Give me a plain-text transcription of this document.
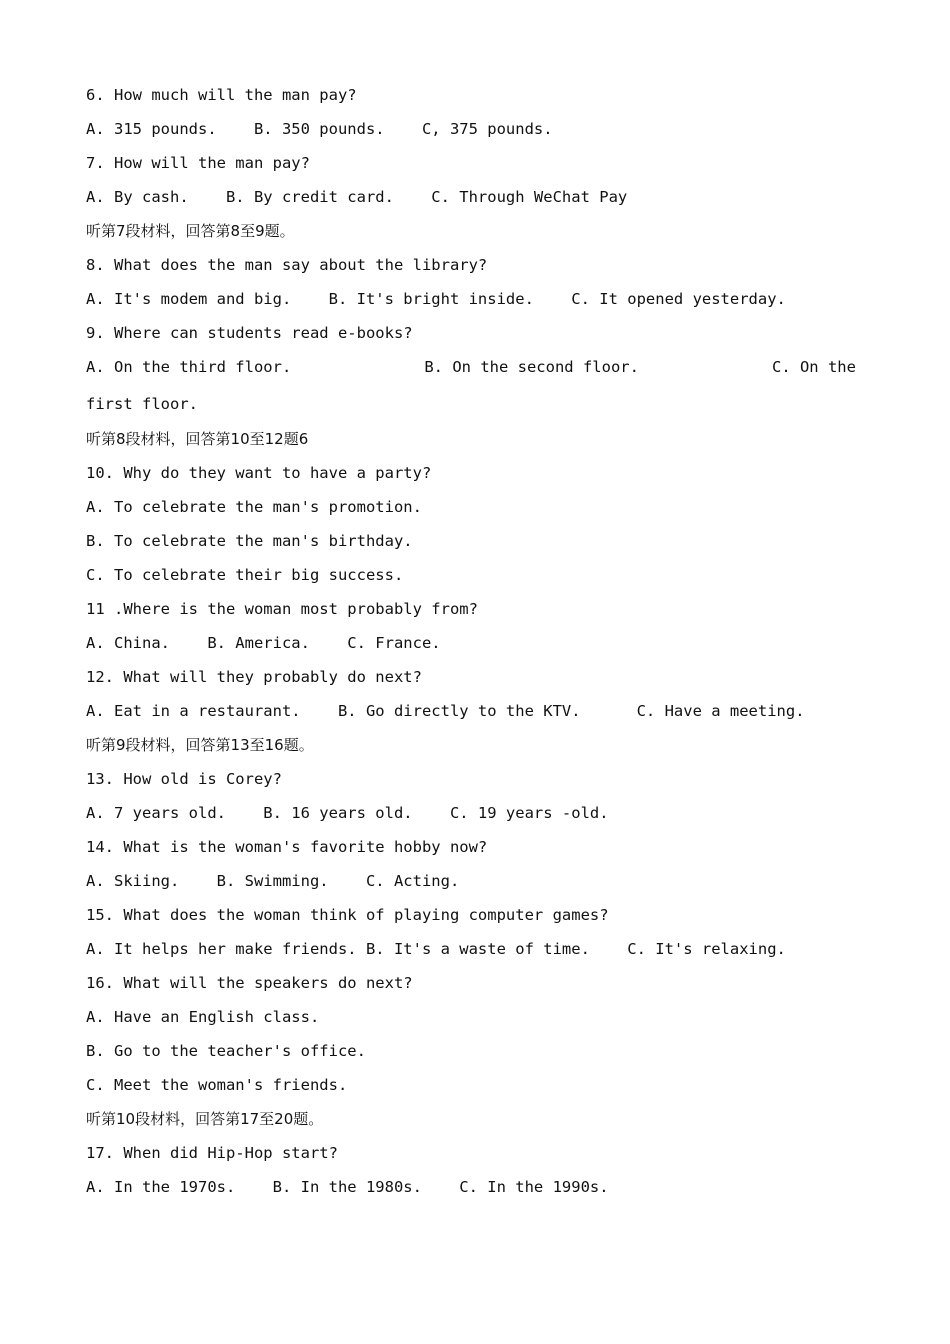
6. How much will the man pay?
A. 315 pounds.    B. 350 pounds.    C, 375 pounds.
7. How will the man pay?
A. By cash.    B. By credit card.    C. Through WeChat Pay
听第7段材料，回答第8至9题。
8. What does the man say about the library?
A. It's modem and big.    B. It's bright inside.    C. It opened yesterday.
9. Where can students read e-books?
A. On the third floor.	B. On the second floor.	C. On the
first floor.
听第8段材料，回答第10至12题6
10. Why do they want to have a party?
A. To celebrate the man's promotion.
B. To celebrate the man's birthday.
C. To celebrate their big success.
11 .Where is the woman most probably from?
A. China.    B. America.    C. France.
12. What will they probably do next?
A. Eat in a restaurant.    B. Go directly to the KTV.      C. Have a meeting.
听第9段材料，回答第13至16题。
13. How old is Corey?
A. 7 years old.    B. 16 years old.    C. 19 years -old.
14. What is the woman's favorite hobby now?
A. Skiing.    B. Swimming.    C. Acting.
15. What does the woman think of playing computer games?
A. It helps her make friends. B. It's a waste of time.    C. It's relaxing.
16. What will the speakers do next?
A. Have an English class.
B. Go to the teacher's office.
C. Meet the woman's friends.
听第10段材料，回答第17至20题。
17. When did Hip-Hop start?
A. In the 1970s.    B. In the 1980s.    C. In the 1990s.
